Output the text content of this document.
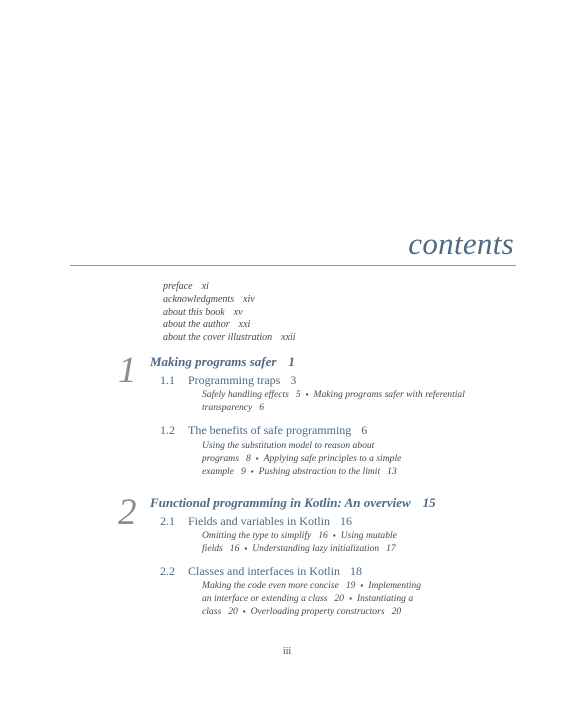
contents
preface xi
acknowledgments xiv
about this book xv
about the author xxi
about the cover illustration xxii
1 Making programs safer 1
1.1 Programming traps 3
Safely handling effects 5 ▪ Making programs safer with referential
transparency 6
1.2 The benefits of safe programming 6
Using the substitution model to reason about
programs 8 ▪ Applying safe principles to a simple
example 9 ▪ Pushing abstraction to the limit 13
2 Functional programming in Kotlin: An overview 15
2.1 Fields and variables in Kotlin 16
Omitting the type to simplify 16 ▪ Using mutable
fields 16 ▪ Understanding lazy initialization 17
2.2 Classes and interfaces in Kotlin 18
Making the code even more concise 19 ▪ Implementing
an interface or extending a class 20 ▪ Instantiating a
class 20 ▪ Overloading property constructors 20
iii
